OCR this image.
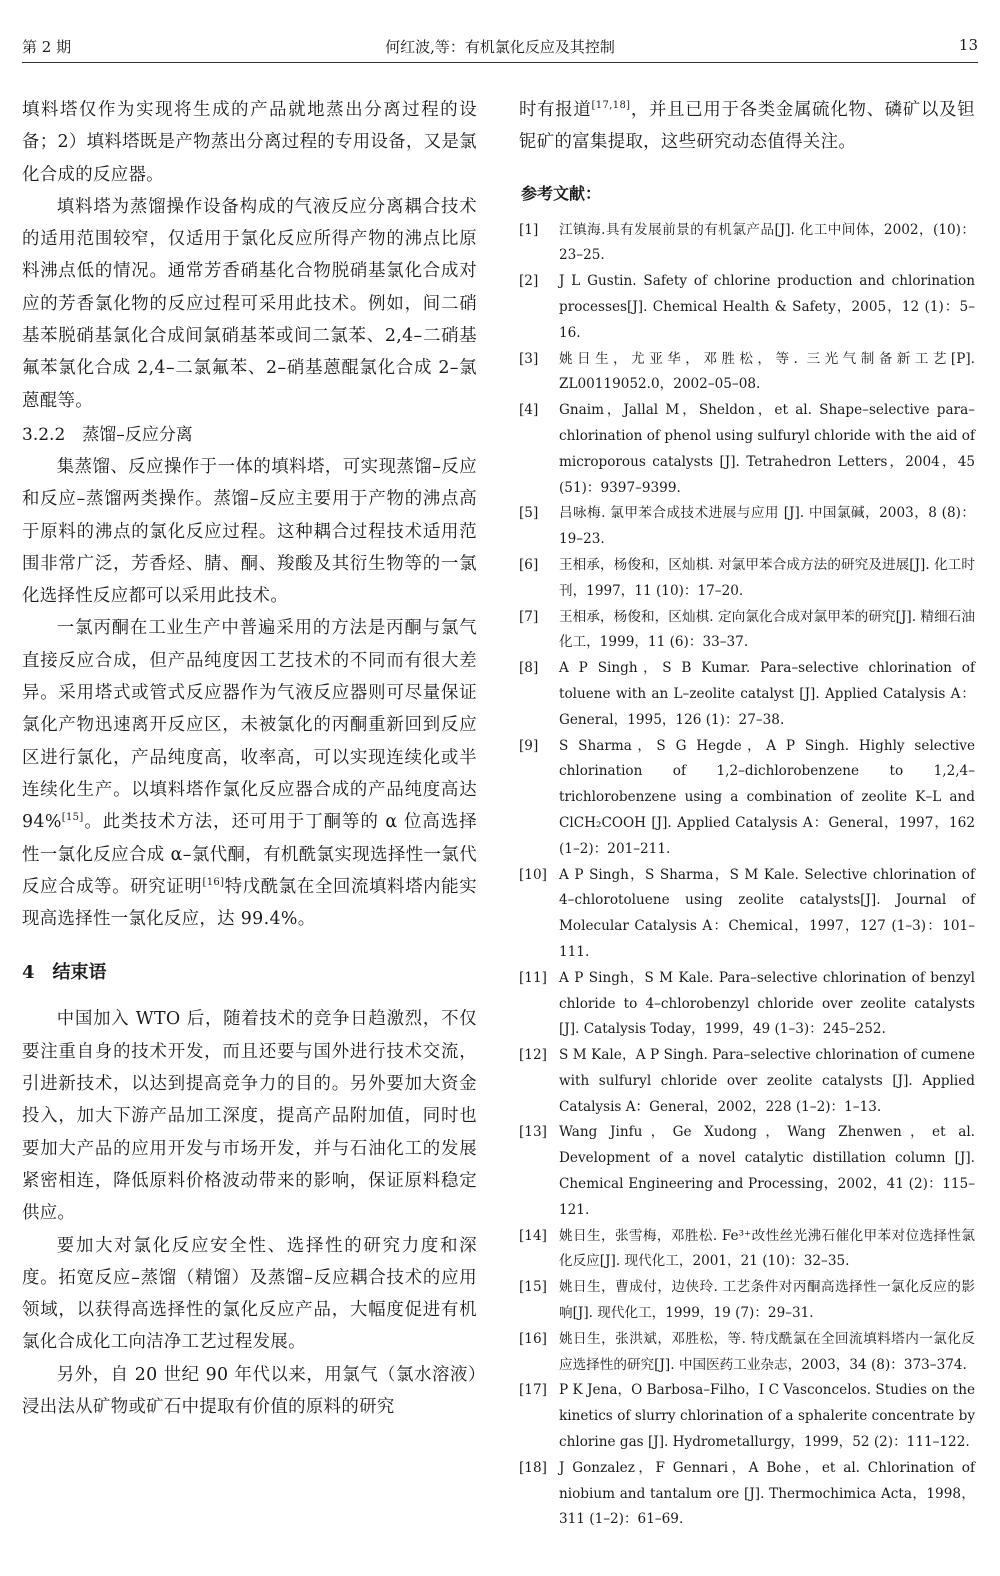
第 2 期	何红波,等：有机氯化反应及其控制	13

填料塔仅作为实现将生成的产品就地蒸出分离过程的设备；2）填料塔既是产物蒸出分离过程的专用设备，又是氯化合成的反应器。

填料塔为蒸馏操作设备构成的气液反应分离耦合技术的适用范围较窄，仅适用于氯化反应所得产物的沸点比原料沸点低的情况。通常芳香硝基化合物脱硝基氯化合成对应的芳香氯化物的反应过程可采用此技术。例如，间二硝基苯脱硝基氯化合成间氯硝基苯或间二氯苯、2,4–二硝基氟苯氯化合成 2,4–二氯氟苯、2–硝基蒽醌氯化合成 2–氯蒽醌等。

3.2.2　蒸馏–反应分离

集蒸馏、反应操作于一体的填料塔，可实现蒸馏–反应和反应–蒸馏两类操作。蒸馏–反应主要用于产物的沸点高于原料的沸点的氯化反应过程。这种耦合过程技术适用范围非常广泛，芳香烃、腈、酮、羧酸及其衍生物等的一氯化选择性反应都可以采用此技术。

一氯丙酮在工业生产中普遍采用的方法是丙酮与氯气直接反应合成，但产品纯度因工艺技术的不同而有很大差异。采用塔式或管式反应器作为气液反应器则可尽量保证氯化产物迅速离开反应区，未被氯化的丙酮重新回到反应区进行氯化，产品纯度高，收率高，可以实现连续化或半连续化生产。以填料塔作氯化反应器合成的产品纯度高达 94%[15]。此类技术方法，还可用于丁酮等的 α 位高选择性一氯化反应合成 α–氯代酮，有机酰氯实现选择性一氯代反应合成等。研究证明[16]特戊酰氯在全回流填料塔内能实现高选择性一氯化反应，达 99.4%。

4　结束语

中国加入 WTO 后，随着技术的竞争日趋激烈，不仅要注重自身的技术开发，而且还要与国外进行技术交流，引进新技术，以达到提高竞争力的目的。另外要加大资金投入，加大下游产品加工深度，提高产品附加值，同时也要加大产品的应用开发与市场开发，并与石油化工的发展紧密相连，降低原料价格波动带来的影响，保证原料稳定供应。

要加大对氯化反应安全性、选择性的研究力度和深度。拓宽反应–蒸馏（精馏）及蒸馏–反应耦合技术的应用领域，以获得高选择性的氯化反应产品，大幅度促进有机氯化合成化工向洁净工艺过程发展。

另外，自 20 世纪 90 年代以来，用氯气（氯水溶液）浸出法从矿物或矿石中提取有价值的原料的研究

时有报道[17,18]，并且已用于各类金属硫化物、磷矿以及钽铌矿的富集提取，这些研究动态值得关注。

参考文献：

[1]	江镇海.具有发展前景的有机氯产品[J]. 化工中间体，2002，(10)：23–25.
[2]	J L Gustin. Safety of chlorine production and chlorination processes[J]. Chemical Health & Safety，2005，12 (1)：5–16.
[3]	姚日生，尤亚华，邓胜松，等. 三光气制备新工艺[P]. ZL00119052.0，2002–05–08.
[4]	Gnaim，Jallal M，Sheldon，et al. Shape–selective para–chlorination of phenol using sulfuryl chloride with the aid of microporous catalysts [J]. Tetrahedron Letters，2004，45 (51)：9397–9399.
[5]	吕咏梅. 氯甲苯合成技术进展与应用 [J]. 中国氯碱，2003，8 (8)：19–23.
[6]	王相承，杨俊和，区灿棋. 对氯甲苯合成方法的研究及进展[J]. 化工时刊，1997，11 (10)：17–20.
[7]	王相承，杨俊和，区灿棋. 定向氯化合成对氯甲苯的研究[J]. 精细石油化工，1999，11 (6)：33–37.
[8]	A P Singh，S B Kumar. Para–selective chlorination of toluene with an L–zeolite catalyst [J]. Applied Catalysis A：General，1995，126 (1)：27–38.
[9]	S Sharma，S G Hegde，A P Singh. Highly selective chlorination of 1,2–dichlorobenzene to 1,2,4–trichlorobenzene using a combination of zeolite K–L and ClCH₂COOH [J]. Applied Catalysis A：General，1997，162 (1–2)：201–211.
[10] A P Singh，S Sharma，S M Kale. Selective chlorination of 4–chlorotoluene using zeolite catalysts[J]. Journal of Molecular Catalysis A：Chemical，1997，127 (1–3)：101–111.
[11] A P Singh，S M Kale. Para–selective chlorination of benzyl chloride to 4–chlorobenzyl chloride over zeolite catalysts [J]. Catalysis Today，1999，49 (1–3)：245–252.
[12] S M Kale，A P Singh. Para–selective chlorination of cumene with sulfuryl chloride over zeolite catalysts [J]. Applied Catalysis A：General，2002，228 (1–2)：1–13.
[13] Wang Jinfu，Ge Xudong，Wang Zhenwen，et al. Development of a novel catalytic distillation column [J]. Chemical Engineering and Processing，2002，41 (2)：115–121.
[14] 姚日生，张雪梅，邓胜松. Fe³⁺改性丝光沸石催化甲苯对位选择性氯化反应[J]. 现代化工，2001，21 (10)：32–35.
[15] 姚日生，曹成付，边侠玲. 工艺条件对丙酮高选择性一氯化反应的影响[J]. 现代化工，1999，19 (7)：29–31.
[16] 姚日生，张洪斌，邓胜松，等. 特戊酰氯在全回流填料塔内一氯化反应选择性的研究[J]. 中国医药工业杂志，2003，34 (8)：373–374.
[17] P K Jena，O Barbosa–Filho，I C Vasconcelos. Studies on the kinetics of slurry chlorination of a sphalerite concentrate by chlorine gas [J]. Hydrometallurgy，1999，52 (2)：111–122.
[18] J Gonzalez，F Gennari，A Bohe，et al. Chlorination of niobium and tantalum ore [J]. Thermochimica Acta，1998，311 (1–2)：61–69.
